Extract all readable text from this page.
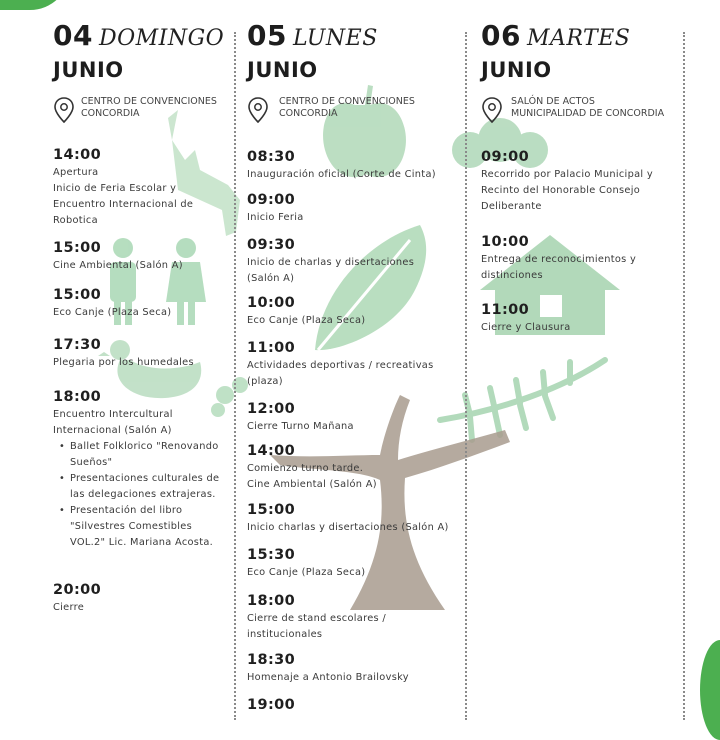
04 DOMINGO
JUNIO
CENTRO DE CONVENCIONES
CONCORDIA
14:00
Apertura
Inicio de Feria Escolar y
Encuentro Internacional de
Robotica
15:00
Cine Ambiental (Salón A)
15:00
Eco Canje (Plaza Seca)
17:30
Plegaria por los humedales
18:00
Encuentro Intercultural
Internacional (Salón A)
• Ballet Folklorico "Renovando
Sueños"
• Presentaciones culturales de
las delegaciones extrajeras.
• Presentación del libro
"Silvestres Comestibles
VOL.2" Lic. Mariana Acosta.
20:00
Cierre
05 LUNES
JUNIO
CENTRO DE CONVENCIONES
CONCORDIA
08:30
Inauguración oficial (Corte de Cinta)
09:00
Inicio Feria
09:30
Inicio de charlas y disertaciones
(Salón A)
10:00
Eco Canje (Plaza Seca)
11:00
Actividades deportivas / recreativas
(plaza)
12:00
Cierre Turno Mañana
14:00
Comienzo turno tarde.
Cine Ambiental (Salón A)
15:00
Inicio charlas y disertaciones (Salón A)
15:30
Eco Canje (Plaza Seca)
18:00
Cierre de stand escolares /
institucionales
18:30
Homenaje a Antonio Brailovsky
19:00
06 MARTES
JUNIO
SALÓN DE ACTOS
MUNICIPALIDAD DE CONCORDIA
09:00
Recorrido por Palacio Municipal y
Recinto del Honorable Consejo
Deliberante
10:00
Entrega de reconocimientos y
distinciones
11:00
Cierre y Clausura
